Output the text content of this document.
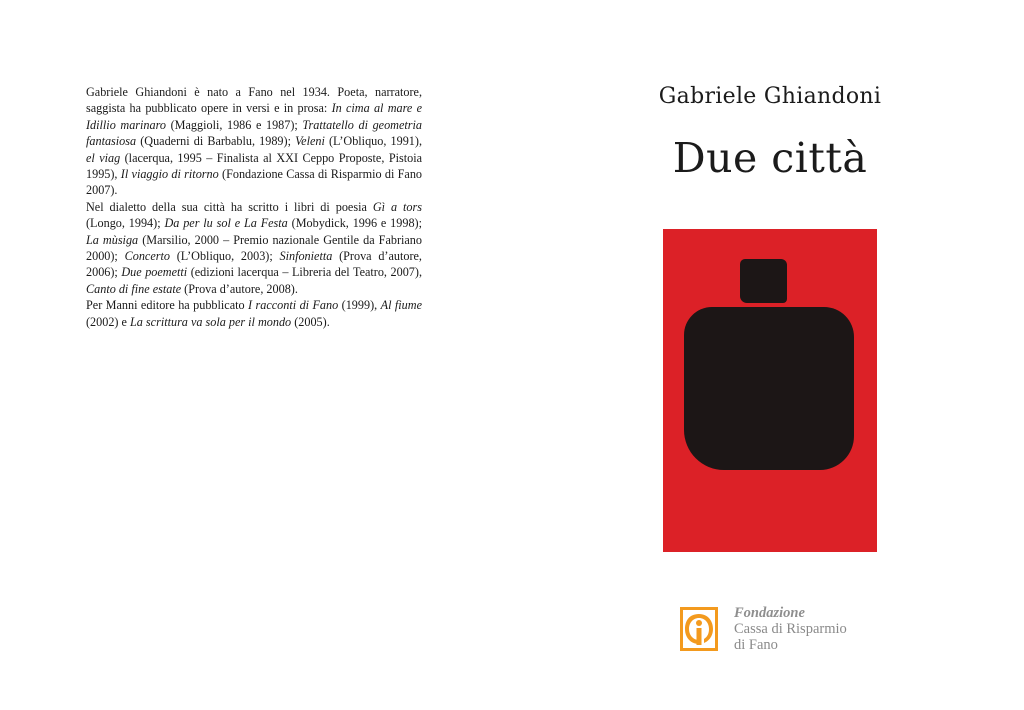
Gabriele Ghiandoni è nato a Fano nel 1934. Poeta, narratore, saggista ha pubblicato opere in versi e in prosa: In cima al mare e Idillio marinaro (Maggioli, 1986 e 1987); Trattatello di geometria fantasiosa (Quaderni di Barbablu, 1989); Veleni (L’Obliquo, 1991), el viag (lacerqua, 1995 – Finalista al XXI Ceppo Proposte, Pistoia 1995), Il viaggio di ritorno (Fondazione Cassa di Risparmio di Fano 2007).

Nel dialetto della sua città ha scritto i libri di poesia Gì a tors (Longo, 1994); Da per lu sol e La Festa (Mobydick, 1996 e 1998); La mùsiga (Marsilio, 2000 – Premio nazionale Gentile da Fabriano 2000); Concerto (L’Obliquo, 2003); Sinfonietta (Prova d’autore, 2006); Due poemetti (edizioni lacerqua – Libreria del Teatro, 2007), Canto di fine estate (Prova d’autore, 2008).

Per Manni editore ha pubblicato I racconti di Fano (1999), Al fiume (2002) e La scrittura va sola per il mondo (2005).

Gabriele Ghiandoni
Due città
Fondazione
Cassa di Risparmio
di Fano
